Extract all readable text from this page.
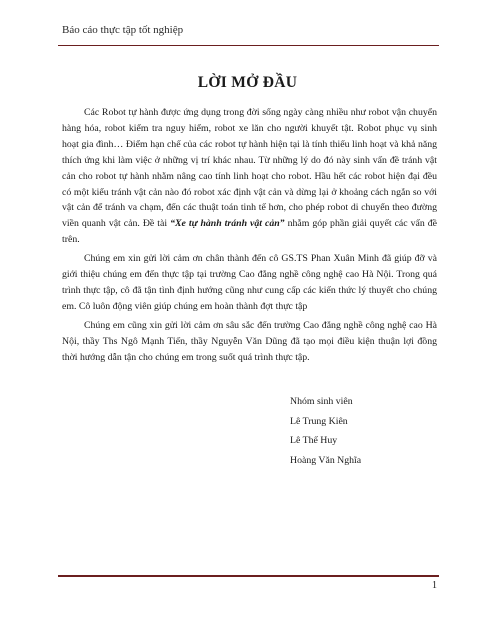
Báo cáo thực tập tốt nghiệp
LỜI MỞ ĐẦU

Các Robot tự hành được ứng dụng trong đời sống ngày càng nhiều như robot vận chuyển hàng hóa, robot kiểm tra nguy hiểm, robot xe lăn cho người khuyết tật. Robot phục vụ sinh hoạt gia đình… Điểm hạn chế của các robot tự hành hiện tại là tính thiếu linh hoạt và khả năng thích ứng khi làm việc ở những vị trí khác nhau. Từ những lý do đó này sinh vấn đề tránh vật cản cho robot tự hành nhằm nâng cao tính linh hoạt cho robot. Hầu hết các robot hiện đại đều có một kiểu tránh vật cản nào đó robot xác định vật cản và dừng lại ở khoảng cách ngắn so với vật cản để tránh va chạm, đến các thuật toán tinh tế hơn, cho phép robot di chuyển theo đường viền quanh vật cản. Đề tài “Xe tự hành tránh vật cản” nhằm góp phần giải quyết các vấn đề trên.

Chúng em xin gửi lời cảm ơn chân thành đến cô GS.TS Phan Xuân Minh đã giúp đỡ và giới thiệu chúng em đến thực tập tại trường Cao đẳng nghề công nghệ cao Hà Nội. Trong quá trình thực tập, cô đã tận tình định hướng cũng như cung cấp các kiến thức lý thuyết cho chúng em. Cô luôn động viên giúp chúng em hoàn thành đợt thực tập

Chúng em cũng xin gửi lời cảm ơn sâu sắc đến trường Cao đẳng nghề công nghệ cao Hà Nội, thầy Ths Ngô Mạnh Tiến, thầy Nguyễn Văn Dũng đã tạo mọi điều kiện thuận lợi đồng thời hướng dẫn tận cho chúng em trong suốt quá trình thực tập.

Nhóm sinh viên
Lê Trung Kiên
Lê Thế Huy
Hoàng Văn Nghĩa
1
